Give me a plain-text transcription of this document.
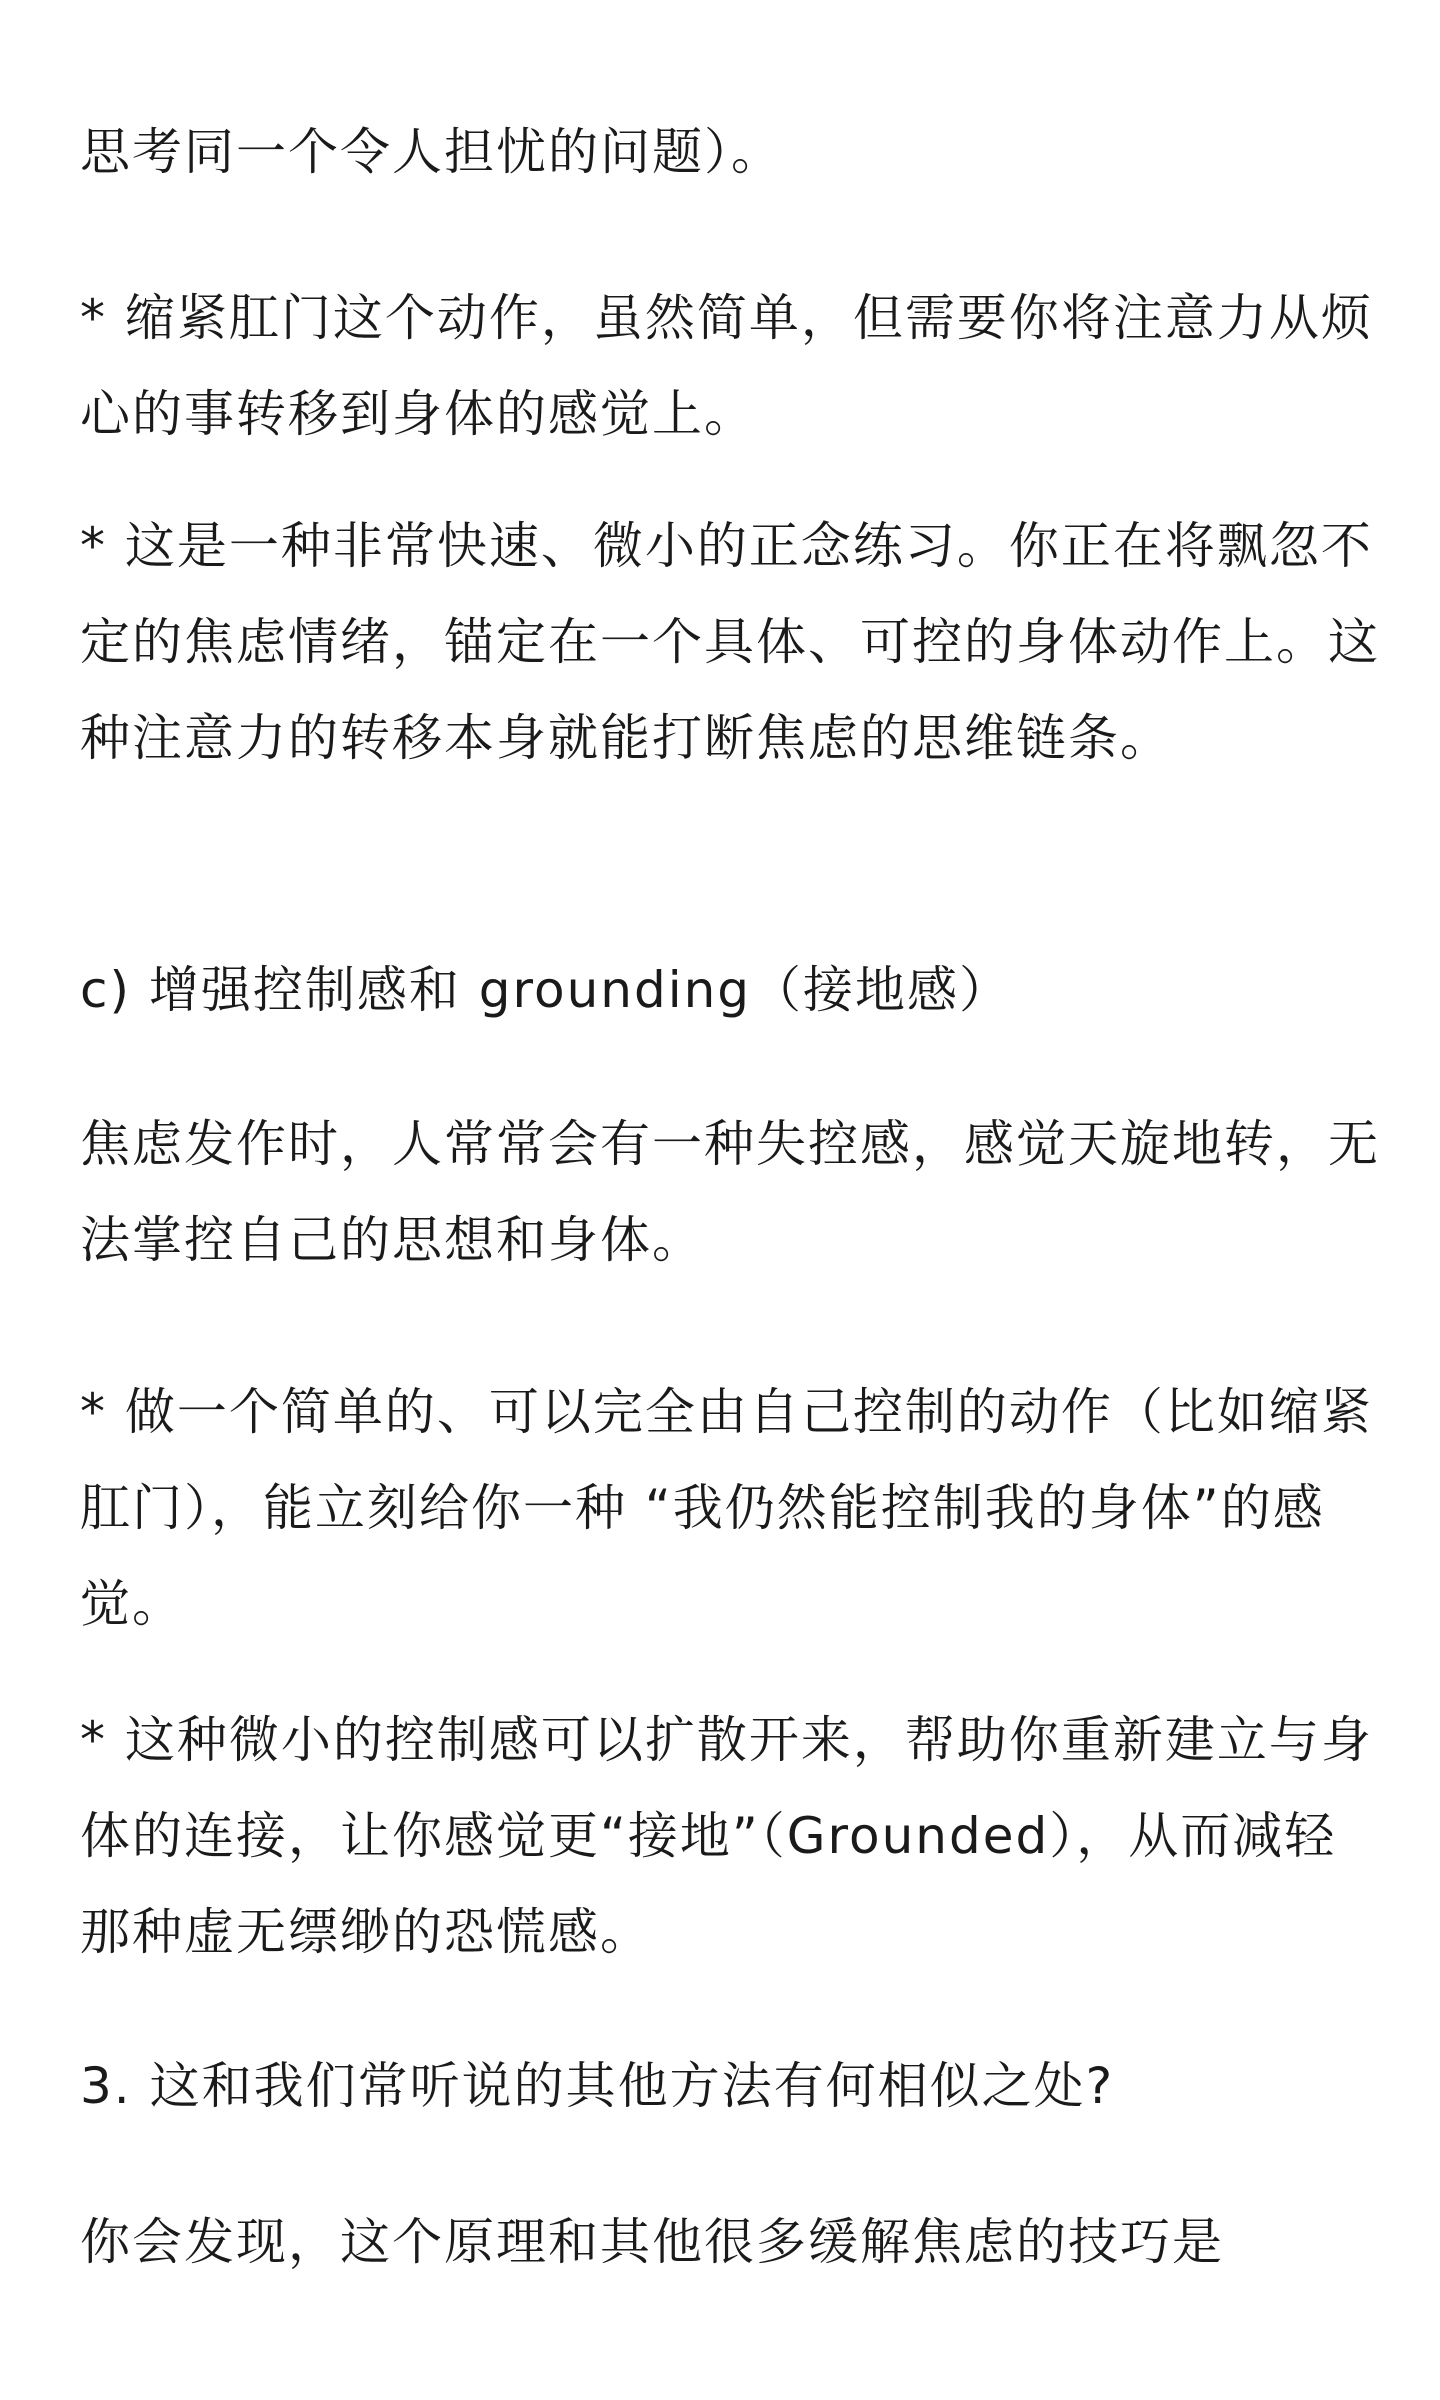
思考同一个令人担忧的问题）。

* 缩紧肛门这个动作，虽然简单，但需要你将注意力从烦心的事转移到身体的感觉上。

* 这是一种非常快速、微小的正念练习。你正在将飘忽不定的焦虑情绪，锚定在一个具体、可控的身体动作上。这种注意力的转移本身就能打断焦虑的思维链条。

c) 增强控制感和 grounding（接地感）

焦虑发作时，人常常会有一种失控感，感觉天旋地转，无法掌控自己的思想和身体。

* 做一个简单的、可以完全由自己控制的动作（比如缩紧肛门），能立刻给你一种 “我仍然能控制我的身体”的感觉。

* 这种微小的控制感可以扩散开来，帮助你重新建立与身体的连接，让你感觉更“接地”（Grounded），从而减轻那种虚无缥缈的恐慌感。

3. 这和我们常听说的其他方法有何相似之处?

你会发现，这个原理和其他很多缓解焦虑的技巧是
